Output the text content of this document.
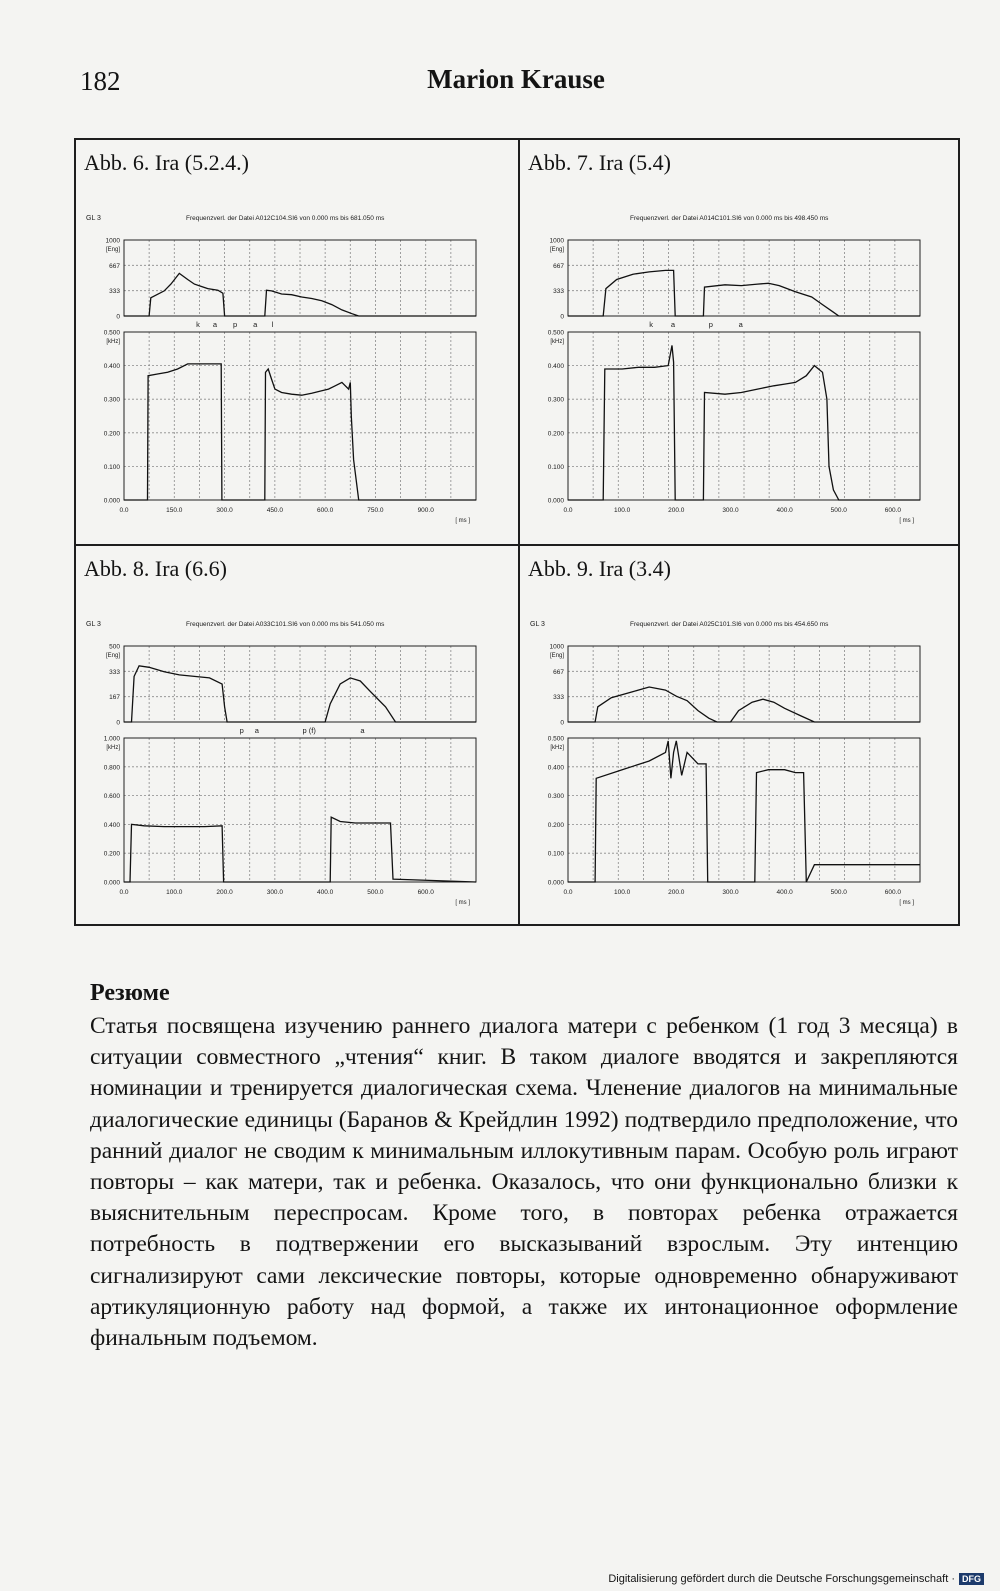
182	Marion Krause
Abb. 6. Ira (5.2.4.)
GL 3	Frequenzverl. der Datei A012C104.SI6 von 0.000 ms bis 681.050 ms
1000
667
333
0
[Eng]
0.500
0.400
0.300
0.200
0.100
0.000
[kHz]
0.0	150.0	300.0	450.0	600.0	750.0	900.0
[ ms ]
k a p a l
Abb. 7. Ira (5.4)
Frequenzverl. der Datei A014C101.SI6 von 0.000 ms bis 498.450 ms
1000
667
333
0
[Eng]
0.500
0.400
0.300
0.200
0.100
0.000
[kHz]
0.0	100.0	200.0	300.0	400.0	500.0	600.0
[ ms ]
k a	p	a
Abb. 8. Ira (6.6)
GL 3	Frequenzverl. der Datei A033C101.SI6 von 0.000 ms bis 541.050 ms
500
333
167
0
[Eng]
1.000
0.800
0.600
0.400
0.200
0.000
[kHz]
0.0	100.0	200.0	300.0	400.0	500.0	600.0
[ ms ]
p a	p (f)	a
Abb. 9. Ira (3.4)
GL 3	Frequenzverl. der Datei A025C101.SI6 von 0.000 ms bis 454.650 ms
1000
667
333
0
[Eng]
0.500
0.400
0.300
0.200
0.100
0.000
[kHz]
0.0	100.0	200.0	300.0	400.0	500.0	600.0
[ ms ]
Резюме

Статья посвящена изучению раннего диалога матери с ребенком (1 год 3 месяца) в ситуации совместного „чтения“ книг. В таком диалоге вводятся и закрепляются номинации и тренируется диалогическая схема. Членение диалогов на минимальные диалогические единицы (Баранов & Крейдлин 1992) подтвердило предположение, что ранний диалог не сводим к минимальным иллокутивным парам. Особую роль играют повторы – как матери, так и ребенка. Оказалось, что они функционально близки к выяснительным переспросам. Кроме того, в повторах ребенка отражается потребность в подтвержении его высказываний взрослым. Эту интенцию сигнализируют сами лексические повторы, которые одновременно обнаруживают артикуляционную работу над формой, а также их интонационное оформление финальным подъемом.

Digitalisierung gefördert durch die Deutsche Forschungsgemeinschaft · DFG
